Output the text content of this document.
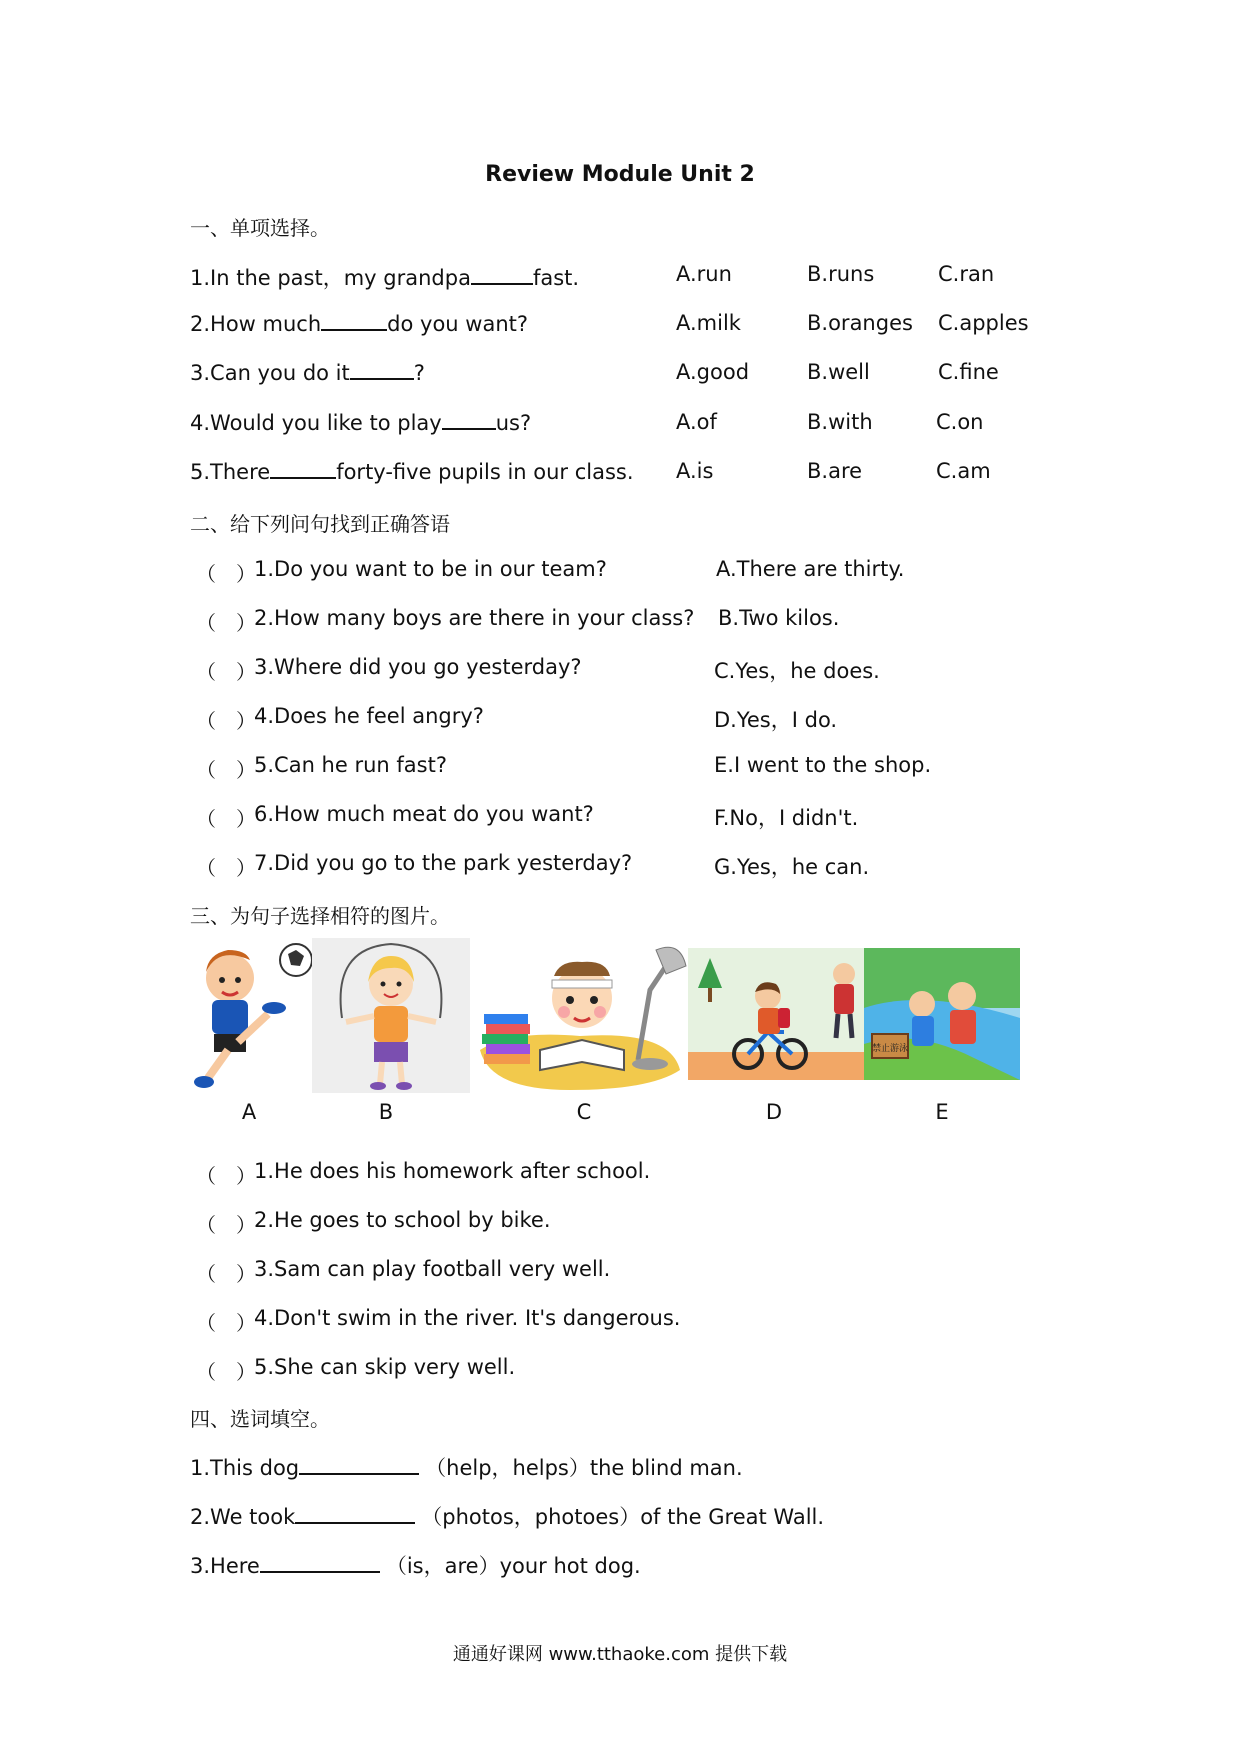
Review Module Unit 2
一、单项选择。
1.In the past，my grandpa	fast.	A.run	B.runs	C.ran
2.How much	do you want?	A.milk	B.oranges C.apples
3.Can you do it	?	A.good	B.well	C.fine
4.Would you like to play	us?	A.of	B.with	C.on
5.There	forty-five pupils in our class. A.is	B.are	C.am
二、给下列问句找到正确答语
（　）
1.Do you want to be in our team?	A.There are thirty.
（　）
2.How many boys are there in your class? B.Two kilos.
（　）
3.Where did you go yesterday?	C.Yes，he does.
（　）
4.Does he feel angry?	D.Yes，I do.
（　）
5.Can he run fast?	E.I went to the shop.
（　）
6.How much meat do you want?	F.No，I didn't.
（　）
7.Did you go to the park yesterday?	G.Yes，he can.
三、为句子选择相符的图片。
禁止游泳
A	B	C	D	E
（　）
1.He does his homework after school.
（　）
2.He goes to school by bike.
（　）
3.Sam can play football very well.
（　）
4.Don't swim in the river. It's dangerous.
（　）
5.She can skip very well.
四、选词填空。
1.This dog	（help，helps）the blind man.
2.We took	（photos，photoes）of the Great Wall.
3.Here	（is，are）your hot dog.
通通好课网 www.tthaoke.com 提供下载
